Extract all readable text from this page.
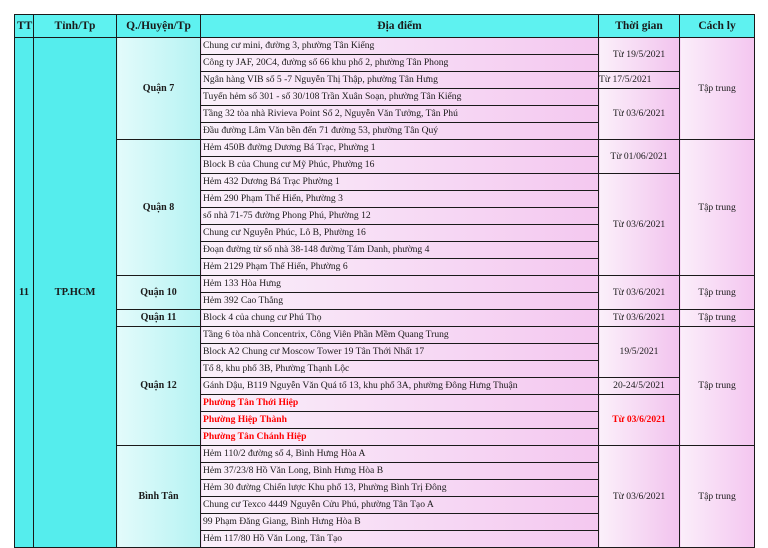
TT	Tỉnh/Tp	Q./Huyện/Tp	Địa điểm	Thời gian	Cách ly
11	TP.HCM	Quận 7	Chung cư mini, đường 3, phường Tân Kiểng	Từ 19/5/2021	Tập trung
			Công ty JAF, 20C4, đường số 66 khu phố 2, phường Tân Phong		
			Ngân hàng VIB số 5 -7 Nguyễn Thị Thập, phường Tân Hưng	Từ 17/5/2021	
			Tuyến hẻm số 301 - số 30/108 Trần Xuân Soạn, phường Tân Kiểng	Từ 03/6/2021	
			Tầng 32 tòa nhà Rivieva Point Số 2, Nguyễn Văn Tưởng, Tân Phú		
			Đầu đường Lâm Văn bền đến 71 đường 53, phường Tân Quý		
		Quận 8	Hẻm 450B đường Dương Bá Trạc, Phường 1	Từ 01/06/2021	Tập trung
			Block B của Chung cư Mỹ Phúc, Phường 16		
			Hẻm 432 Dương Bá Trạc Phường 1	Từ 03/6/2021	
			Hẻm 290 Phạm Thế Hiển, Phường 3		
			số nhà 71-75 đường Phong Phú, Phường 12		
			Chung cư Nguyễn Phúc, Lô B, Phường 16		
			Đoạn đường từ số nhà 38-148 đường Tám Danh, phường 4		
			Hẻm 2129 Phạm Thế Hiển, Phường 6		
		Quận 10	Hẻm 133 Hòa Hưng	Từ 03/6/2021	Tập trung
			Hẻm 392 Cao Thắng		
		Quận 11	Block 4 của chung cư Phú Thọ	Từ 03/6/2021	Tập trung
		Quận 12	Tầng 6 tòa nhà Concentrix, Công Viên Phần Mềm Quang Trung	19/5/2021	Tập trung
			Block A2 Chung cư Moscow Tower 19 Tân Thới Nhất 17		
			Tổ 8, khu phố 3B, Phường Thạnh Lộc		
			Gánh Dậu, B119 Nguyễn Văn Quá tổ 13, khu phố 3A, phường Đông Hưng Thuận	20-24/5/2021	
			Phường Tân Thới Hiệp	Từ 03/6/2021	
			Phường Hiệp Thành		
			Phường Tân Chánh Hiệp		
		Bình Tân	Hẻm 110/2 đường số 4, Bình Hưng Hòa A	Từ 03/6/2021	Tập trung
			Hẻm 37/23/8 Hồ Văn Long, Bình Hưng Hòa B		
			Hẻm 30 đường Chiến lược Khu phố 13, Phường Bình Trị Đông		
			Chung cư Texco 4449 Nguyễn Cửu Phú, phường Tân Tạo A		
			99 Phạm Đăng Giang, Bình Hưng Hòa B		
			Hẻm 117/80 Hồ Văn Long, Tân Tạo		
